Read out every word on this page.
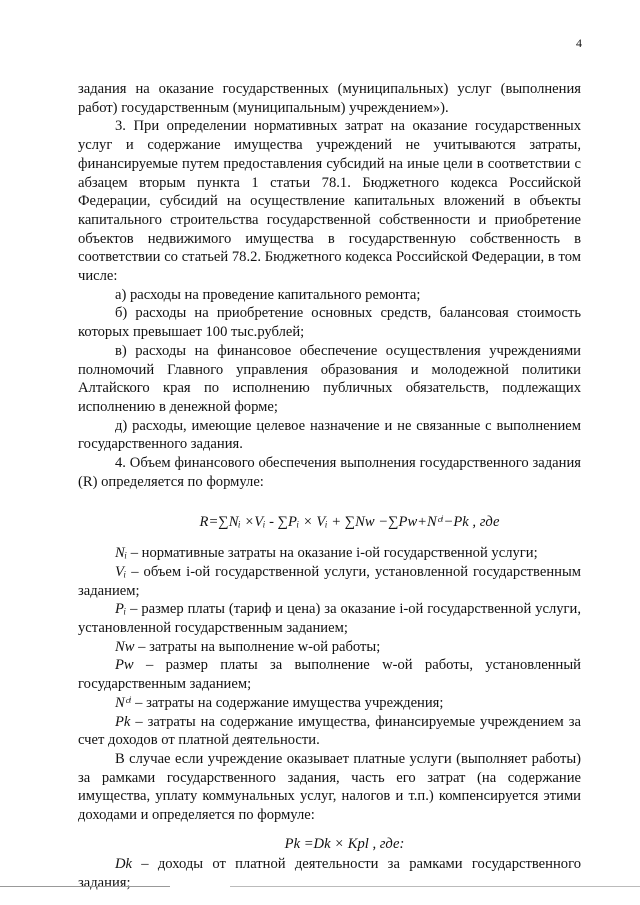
4

задания на оказание государственных (муниципальных) услуг (выполнения работ) государственным (муниципальным) учреждением»).

3. При определении нормативных затрат на оказание государственных услуг и содержание имущества учреждений не учитываются затраты, финансируемые путем предоставления субсидий на иные цели в соответствии с абзацем вторым пункта 1 статьи 78.1. Бюджетного кодекса Российской Федерации, субсидий на осуществление капитальных вложений в объекты капитального строительства государственной собственности и приобретение объектов недвижимого имущества в государственную собственность в соответствии со статьей 78.2. Бюджетного кодекса Российской Федерации, в том числе:

а) расходы на проведение капитального ремонта;

б) расходы на приобретение основных средств, балансовая стоимость которых превышает 100 тыс.рублей;

в) расходы на финансовое обеспечение осуществления учреждениями полномочий Главного управления образования и молодежной политики Алтайского края по исполнению публичных обязательств, подлежащих исполнению в денежной форме;

д) расходы, имеющие целевое назначение и не связанные с выполнением государственного задания.

4. Объем финансового обеспечения выполнения государственного задания (R) определяется по формуле:

R=∑Nᵢ ×Vᵢ - ∑Pᵢ × Vᵢ + ∑Nw −∑Pw+Nᶜⁱ−Pk , где

Nᵢ – нормативные затраты на оказание i-ой государственной услуги;

Vᵢ – объем i-ой государственной услуги, установленной государственным заданием;

Pᵢ – размер платы (тариф и цена) за оказание i-ой государственной услуги, установленной государственным заданием;

Nw – затраты на выполнение w-ой работы;

Pw – размер платы за выполнение w-ой работы, установленный государственным заданием;

Nᶜⁱ – затраты на содержание имущества учреждения;

Pk – затраты на содержание имущества, финансируемые учреждением за счет доходов от платной деятельности.

В случае если учреждение оказывает платные услуги (выполняет работы) за рамками государственного задания, часть его затрат (на содержание имущества, уплату коммунальных услуг, налогов и т.п.) компенсируется этими доходами и определяется по формуле:

Pk =Dk × Kpl , где:

Dk – доходы от платной деятельности за рамками государственного задания;
